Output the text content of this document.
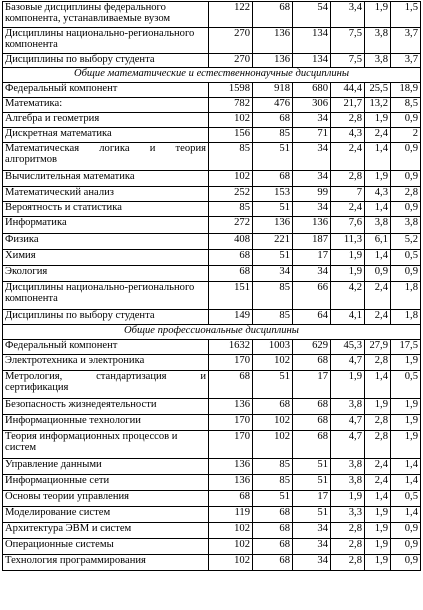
Базовые дисциплины федерального компонента, устанавливаемые вузом	122	68	54	3,4	1,9	1,5
Дисциплины национально-регионального компонента	270	136	134	7,5	3,8	3,7
Дисциплины по выбору студента	270	136	134	7,5	3,8	3,7
Общие математические и естественнонаучные дисциплины						
Федеральный компонент	1598	918	680	44,4	25,5	18,9
Математика:	782	476	306	21,7	13,2	8,5
Алгебра и геометрия	102	68	34	2,8	1,9	0,9
Дискретная математика	156	85	71	4,3	2,4	2
Математическая логика и теория алгоритмов	85	51	34	2,4	1,4	0,9
Вычислительная математика	102	68	34	2,8	1,9	0,9
Математический анализ	252	153	99	7	4,3	2,8
Вероятность и статистика	85	51	34	2,4	1,4	0,9
Информатика	272	136	136	7,6	3,8	3,8
Физика	408	221	187	11,3	6,1	5,2
Химия	68	51	17	1,9	1,4	0,5
Экология	68	34	34	1,9	0,9	0,9
Дисциплины национально-регионального компонента	151	85	66	4,2	2,4	1,8
Дисциплины по выбору студента	149	85	64	4,1	2,4	1,8
Общие профессиональные дисциплины						
Федеральный компонент	1632	1003	629	45,3	27,9	17,5
Электротехника и электроника	170	102	68	4,7	2,8	1,9
Метрология, стандартизация и сертификация	68	51	17	1,9	1,4	0,5
Безопасность жизнедеятельности	136	68	68	3,8	1,9	1,9
Информационные технологии	170	102	68	4,7	2,8	1,9
Теория информационных процессов и систем	170	102	68	4,7	2,8	1,9
Управление данными	136	85	51	3,8	2,4	1,4
Информационные сети	136	85	51	3,8	2,4	1,4
Основы теории управления	68	51	17	1,9	1,4	0,5
Моделирование систем	119	68	51	3,3	1,9	1,4
Архитектура ЭВМ и систем	102	68	34	2,8	1,9	0,9
Операционные системы	102	68	34	2,8	1,9	0,9
Технология программирования	102	68	34	2,8	1,9	0,9
